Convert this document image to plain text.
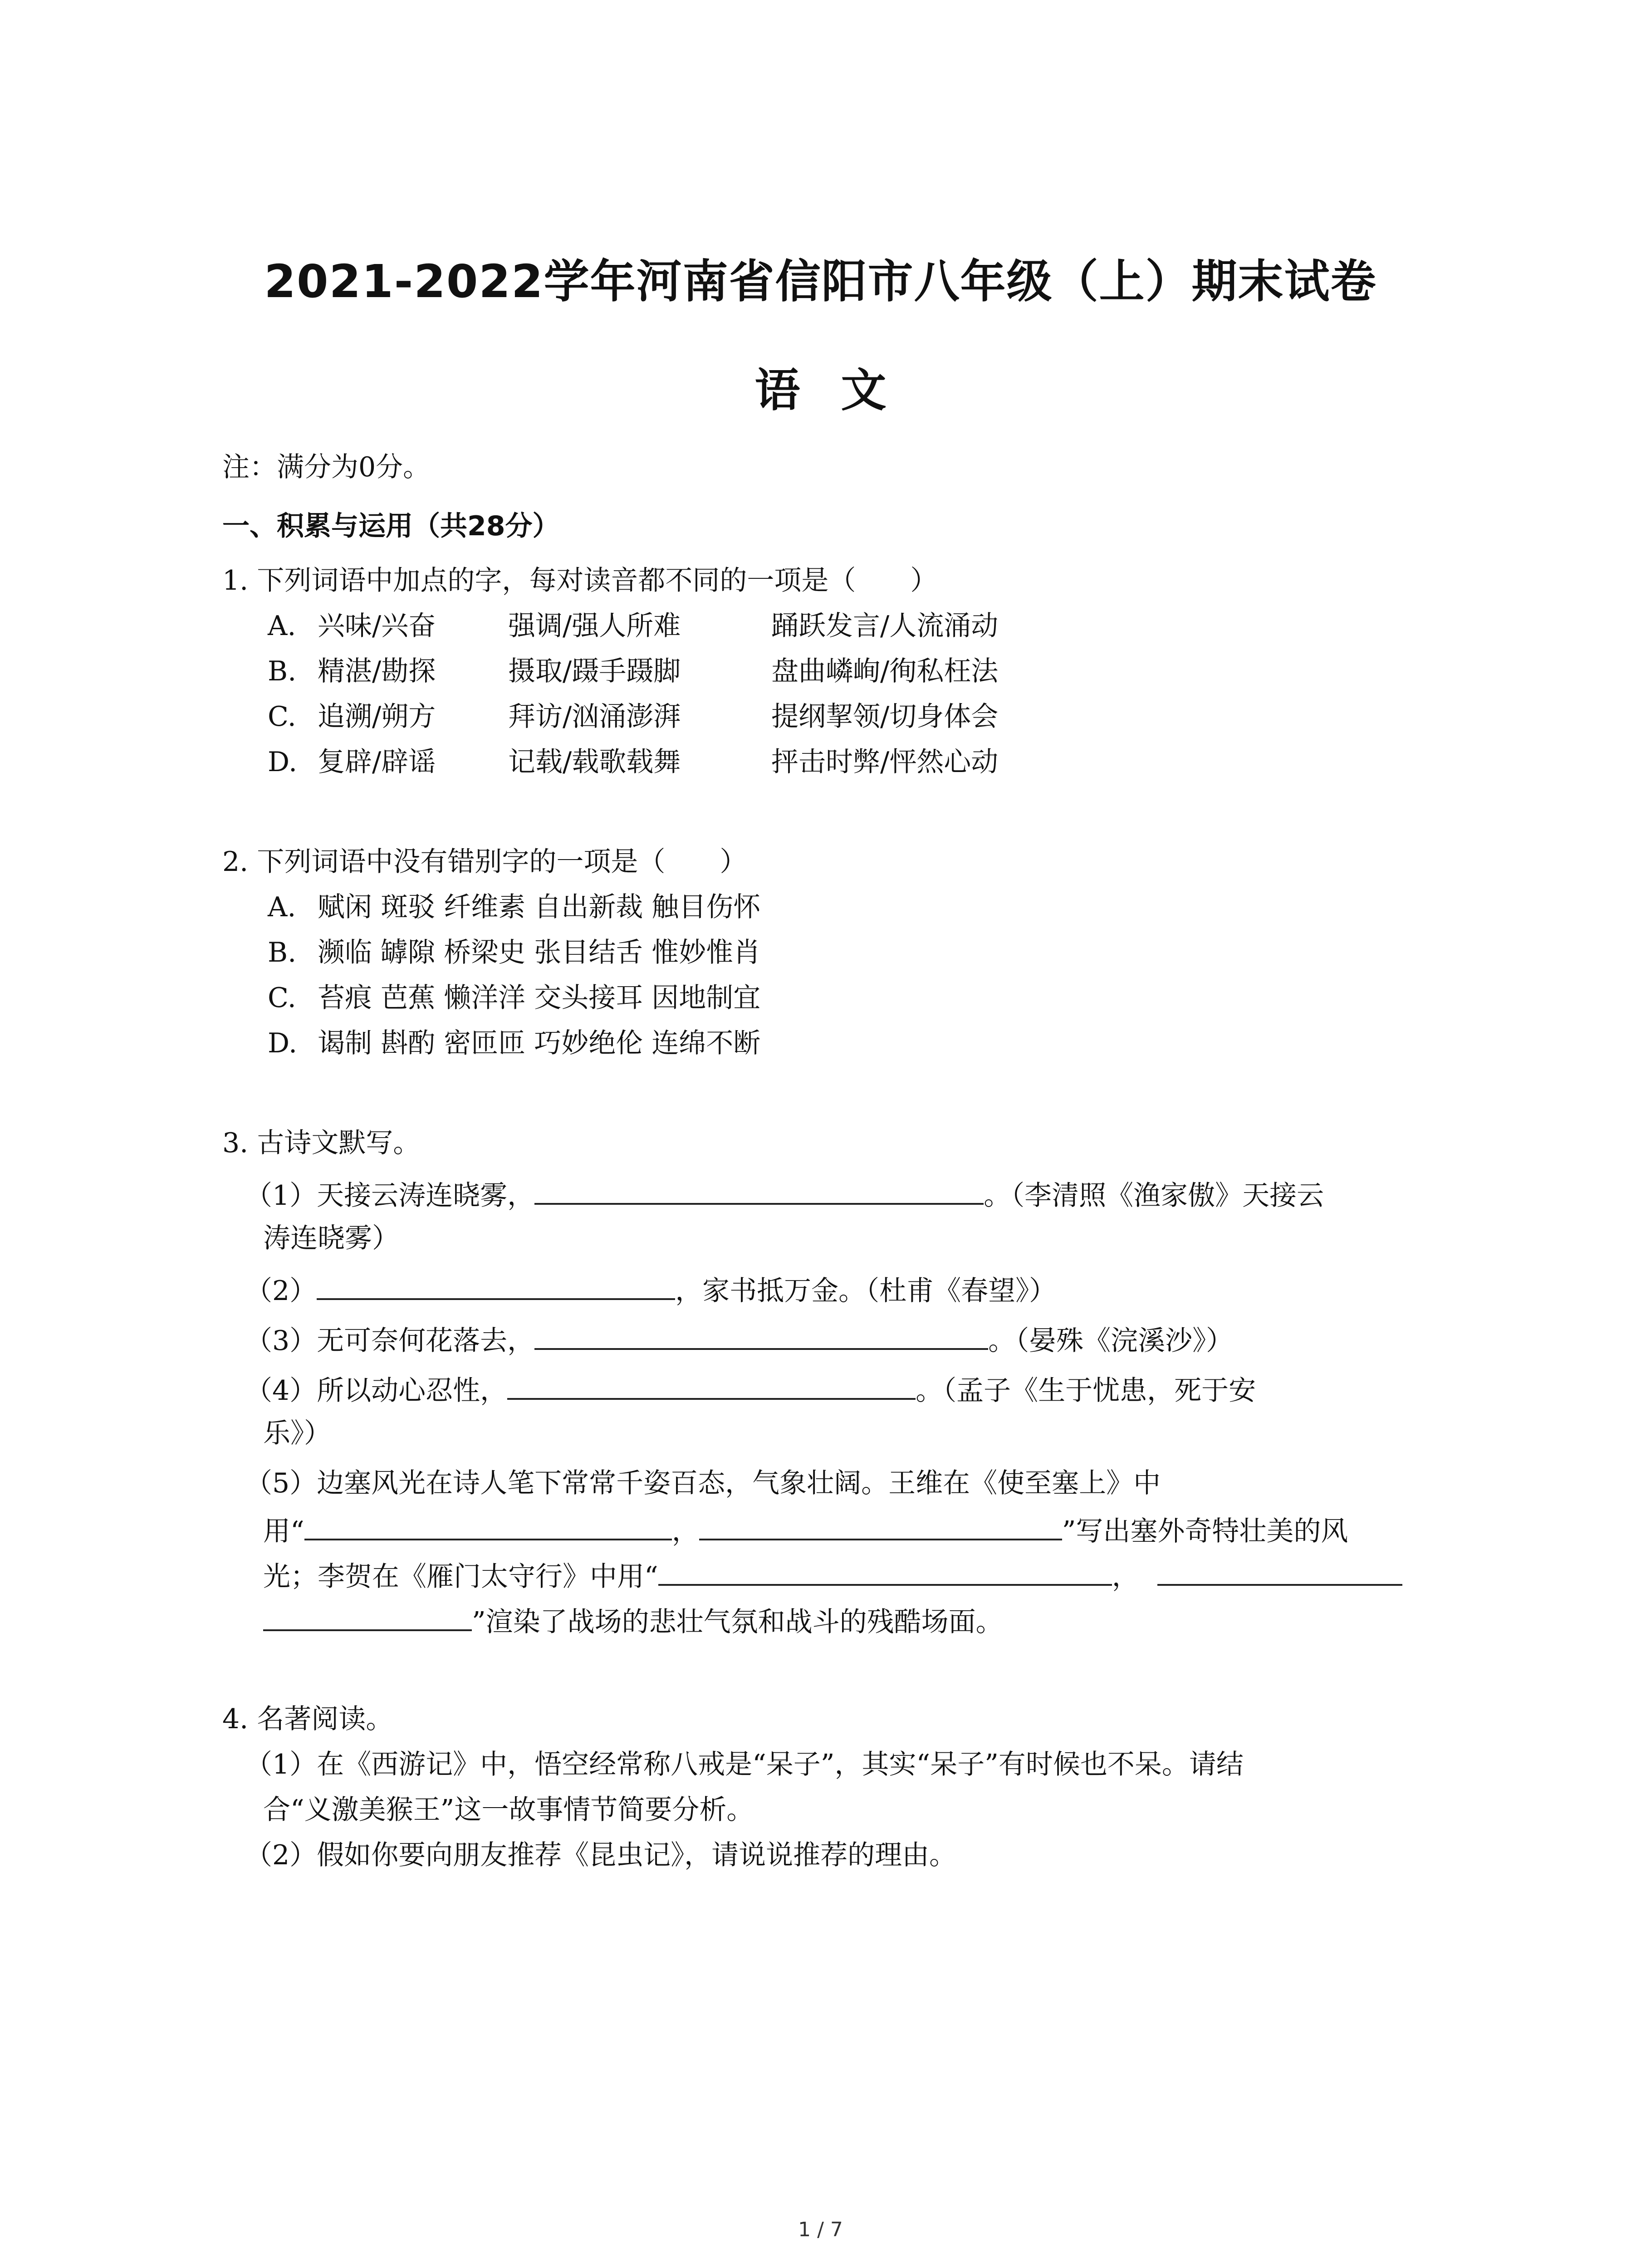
2021-2022学年河南省信阳市八年级（上）期末试卷
语文
注：满分为0分。
一、积累与运用（共28分）
1. 下列词语中加点的字，每对读音都不同的一项是（　　）
A. 兴味/兴奋	强调/强人所难	踊跃发言/人流涌动
B. 精湛/勘探	摄取/蹑手蹑脚	盘曲嶙峋/徇私枉法
C. 追溯/朔方	拜访/汹涌澎湃	提纲挈领/切身体会
D. 复辟/辟谣	记载/载歌载舞	抨击时弊/怦然心动
2. 下列词语中没有错别字的一项是（　　）
A. 赋闲 斑驳 纤维素 自出新裁 触目伤怀
B. 濒临 罅隙 桥梁史 张目结舌 惟妙惟肖
C. 苔痕 芭蕉 懒洋洋 交头接耳 因地制宜
D. 谒制 斟酌 密匝匝 巧妙绝伦 连绵不断
3. 古诗文默写。
（1）天接云涛连晓雾，	。（李清照《渔家傲》天接云
涛连晓雾）
（2）	，家书抵万金。（杜甫《春望》）
（3）无可奈何花落去，	。（晏殊《浣溪沙》）
（4）所以动心忍性，	。（孟子《生于忧患，死于安
乐》）
（5）边塞风光在诗人笔下常常千姿百态，气象壮阔。王维在《使至塞上》中
用“	，	”写出塞外奇特壮美的风
光；李贺在《雁门太守行》中用“	，
”渲染了战场的悲壮气氛和战斗的残酷场面。
4. 名著阅读。
（1）在《西游记》中，悟空经常称八戒是“呆子”，其实“呆子”有时候也不呆。请结
合“义激美猴王”这一故事情节简要分析。
（2）假如你要向朋友推荐《昆虫记》，请说说推荐的理由。
1 / 7
